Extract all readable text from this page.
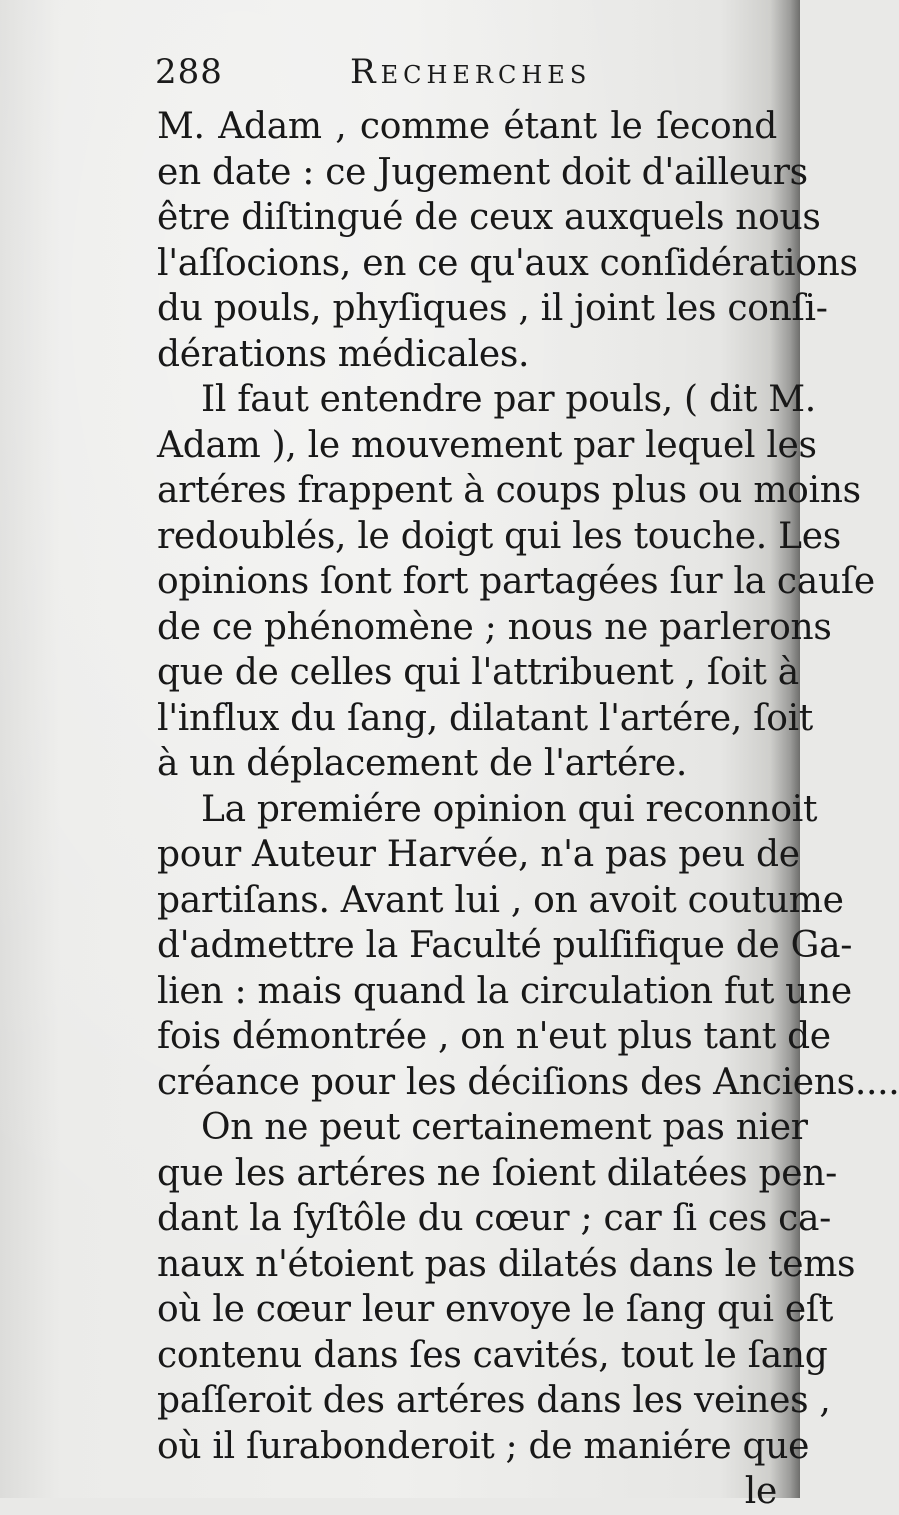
288	Recherches
M. Adam , comme étant le ſecond
en date : ce Jugement doit d'ailleurs
être diſtingué de ceux auxquels nous
l'aſſocions, en ce qu'aux conſidérations
du pouls, phyſiques , il joint les conſi-
dérations médicales.
Il faut entendre par pouls, ( dit M.
Adam ), le mouvement par lequel les
artéres frappent à coups plus ou moins
redoublés, le doigt qui les touche. Les
opinions ſont fort partagées ſur la cauſe
de ce phénomène ; nous ne parlerons
que de celles qui l'attribuent , ſoit à
l'influx du ſang, dilatant l'artére, ſoit
à un déplacement de l'artére.
La premiére opinion qui reconnoit
pour Auteur Harvée, n'a pas peu de
partiſans. Avant lui , on avoit coutume
d'admettre la Faculté pulſifique de Ga-
lien : mais quand la circulation fut une
fois démontrée , on n'eut plus tant de
créance pour les déciſions des Anciens....
On ne peut certainement pas nier
que les artéres ne ſoient dilatées pen-
dant la ſyſtôle du cœur ; car ſi ces ca-
naux n'étoient pas dilatés dans le tems
où le cœur leur envoye le ſang qui eſt
contenu dans ſes cavités, tout le ſang
paſſeroit des artéres dans les veines ,
où il ſurabonderoit ; de maniére que
le
